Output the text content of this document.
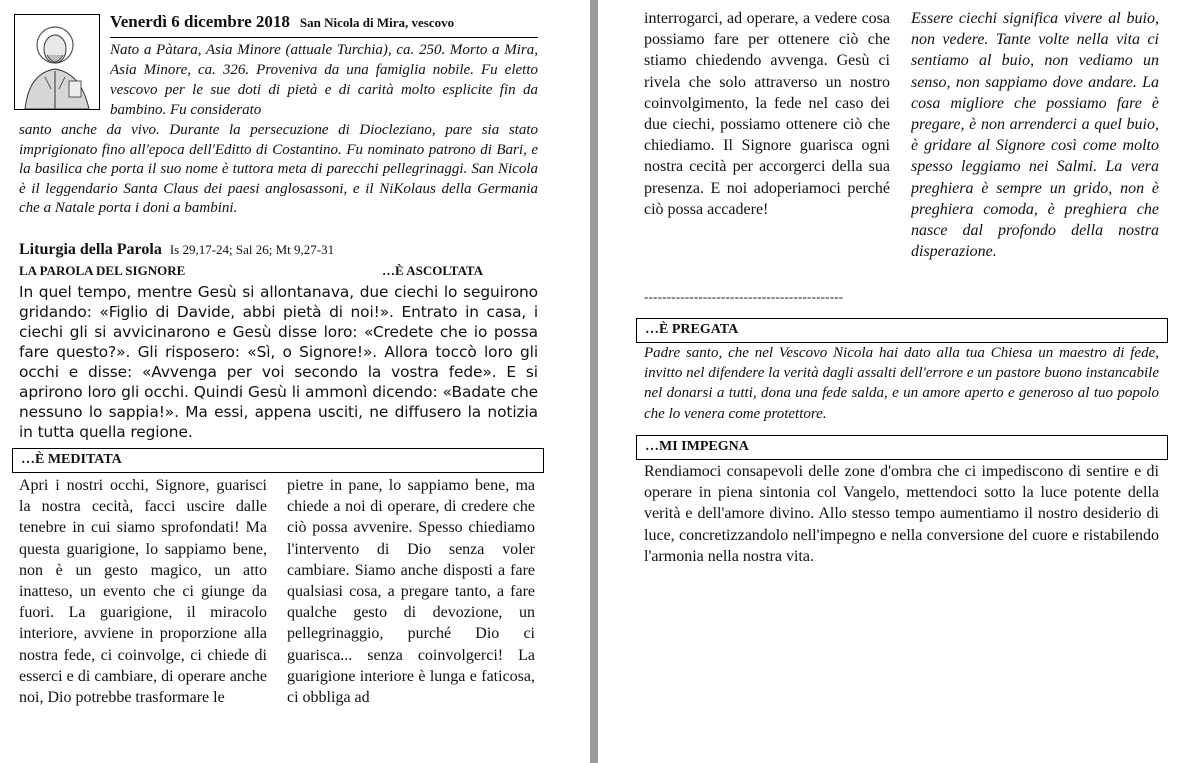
Venerdì 6 dicembre 2018 San Nicola di Mira, vescovo
Nato a Pàtara, Asia Minore (attuale Turchia), ca. 250. Morto a Mira, Asia Minore, ca. 326. Proveniva da una famiglia nobile. Fu eletto vescovo per le sue doti di pietà e di carità molto esplicite fin da bambino. Fu considerato
santo anche da vivo. Durante la persecuzione di Diocleziano, pare sia stato imprigionato fino all'epoca dell'Editto di Costantino. Fu nominato patrono di Bari, e la basilica che porta il suo nome è tuttora meta di parecchi pellegrinaggi. San Nicola è il leggendario Santa Claus dei paesi anglosassoni, e il NiKolaus della Germania che a Natale porta i doni a bambini.
Liturgia della Parola Is 29,17-24; Sal 26; Mt 9,27-31
LA PAROLA DEL SIGNORE	…È ASCOLTATA
In quel tempo, mentre Gesù si allontanava, due ciechi lo seguirono gridando: «Figlio di Davide, abbi pietà di noi!». Entrato in casa, i ciechi gli si avvicinarono e Gesù disse loro: «Credete che io possa fare questo?». Gli risposero: «Sì, o Signore!». Allora toccò loro gli occhi e disse: «Avvenga per voi secondo la vostra fede». E si aprirono loro gli occhi. Quindi Gesù li ammonì dicendo: «Badate che nessuno lo sappia!». Ma essi, appena usciti, ne diffusero la notizia in tutta quella regione.
…È MEDITATA
Apri i nostri occhi, Signore, guarisci la nostra cecità, facci uscire dalle tenebre in cui siamo sprofondati! Ma questa guarigione, lo sappiamo bene, non è un gesto magico, un atto inatteso, un evento che ci giunge da fuori. La guarigione, il miracolo interiore, avviene in proporzione alla nostra fede, ci coinvolge, ci chiede di esserci e di cambiare, di operare anche noi, Dio potrebbe trasformare le
pietre in pane, lo sappiamo bene, ma chiede a noi di operare, di credere che ciò possa avvenire. Spesso chiediamo l'intervento di Dio senza voler cambiare. Siamo anche disposti a fare qualsiasi cosa, a pregare tanto, a fare qualche gesto di devozione, un pellegrinaggio, purché Dio ci guarisca... senza coinvolgerci! La guarigione interiore è lunga e faticosa, ci obbliga ad
interrogarci, ad operare, a vedere cosa possiamo fare per ottenere ciò che stiamo chiedendo avvenga. Gesù ci rivela che solo attraverso un nostro coinvolgimento, la fede nel caso dei due ciechi, possiamo ottenere ciò che chiediamo. Il Signore guarisca ogni nostra cecità per accorgerci della sua presenza. E noi adoperiamoci perché ciò possa accadere!
--------------------------------------------
Essere ciechi significa vivere al buio, non vedere. Tante volte nella vita ci sentiamo al buio, non vediamo un senso, non sappiamo dove andare. La cosa migliore che possiamo fare è pregare, è non arrenderci a quel buio, è gridare al Signore così come molto spesso leggiamo nei Salmi. La vera preghiera è sempre un grido, non è preghiera comoda, è preghiera che nasce dal profondo della nostra disperazione.
…È PREGATA
Padre santo, che nel Vescovo Nicola hai dato alla tua Chiesa un maestro di fede, invitto nel difendere la verità dagli assalti dell'errore e un pastore buono instancabile nel donarsi a tutti, dona una fede salda, e un amore aperto e generoso al tuo popolo che lo venera come protettore.
…MI IMPEGNA
Rendiamoci consapevoli delle zone d'ombra che ci impediscono di sentire e di operare in piena sintonia col Vangelo, mettendoci sotto la luce potente della verità e dell'amore divino. Allo stesso tempo aumentiamo il nostro desiderio di luce, concretizzandolo nell'impegno e nella conversione del cuore e ristabilendo l'armonia nella nostra vita.
